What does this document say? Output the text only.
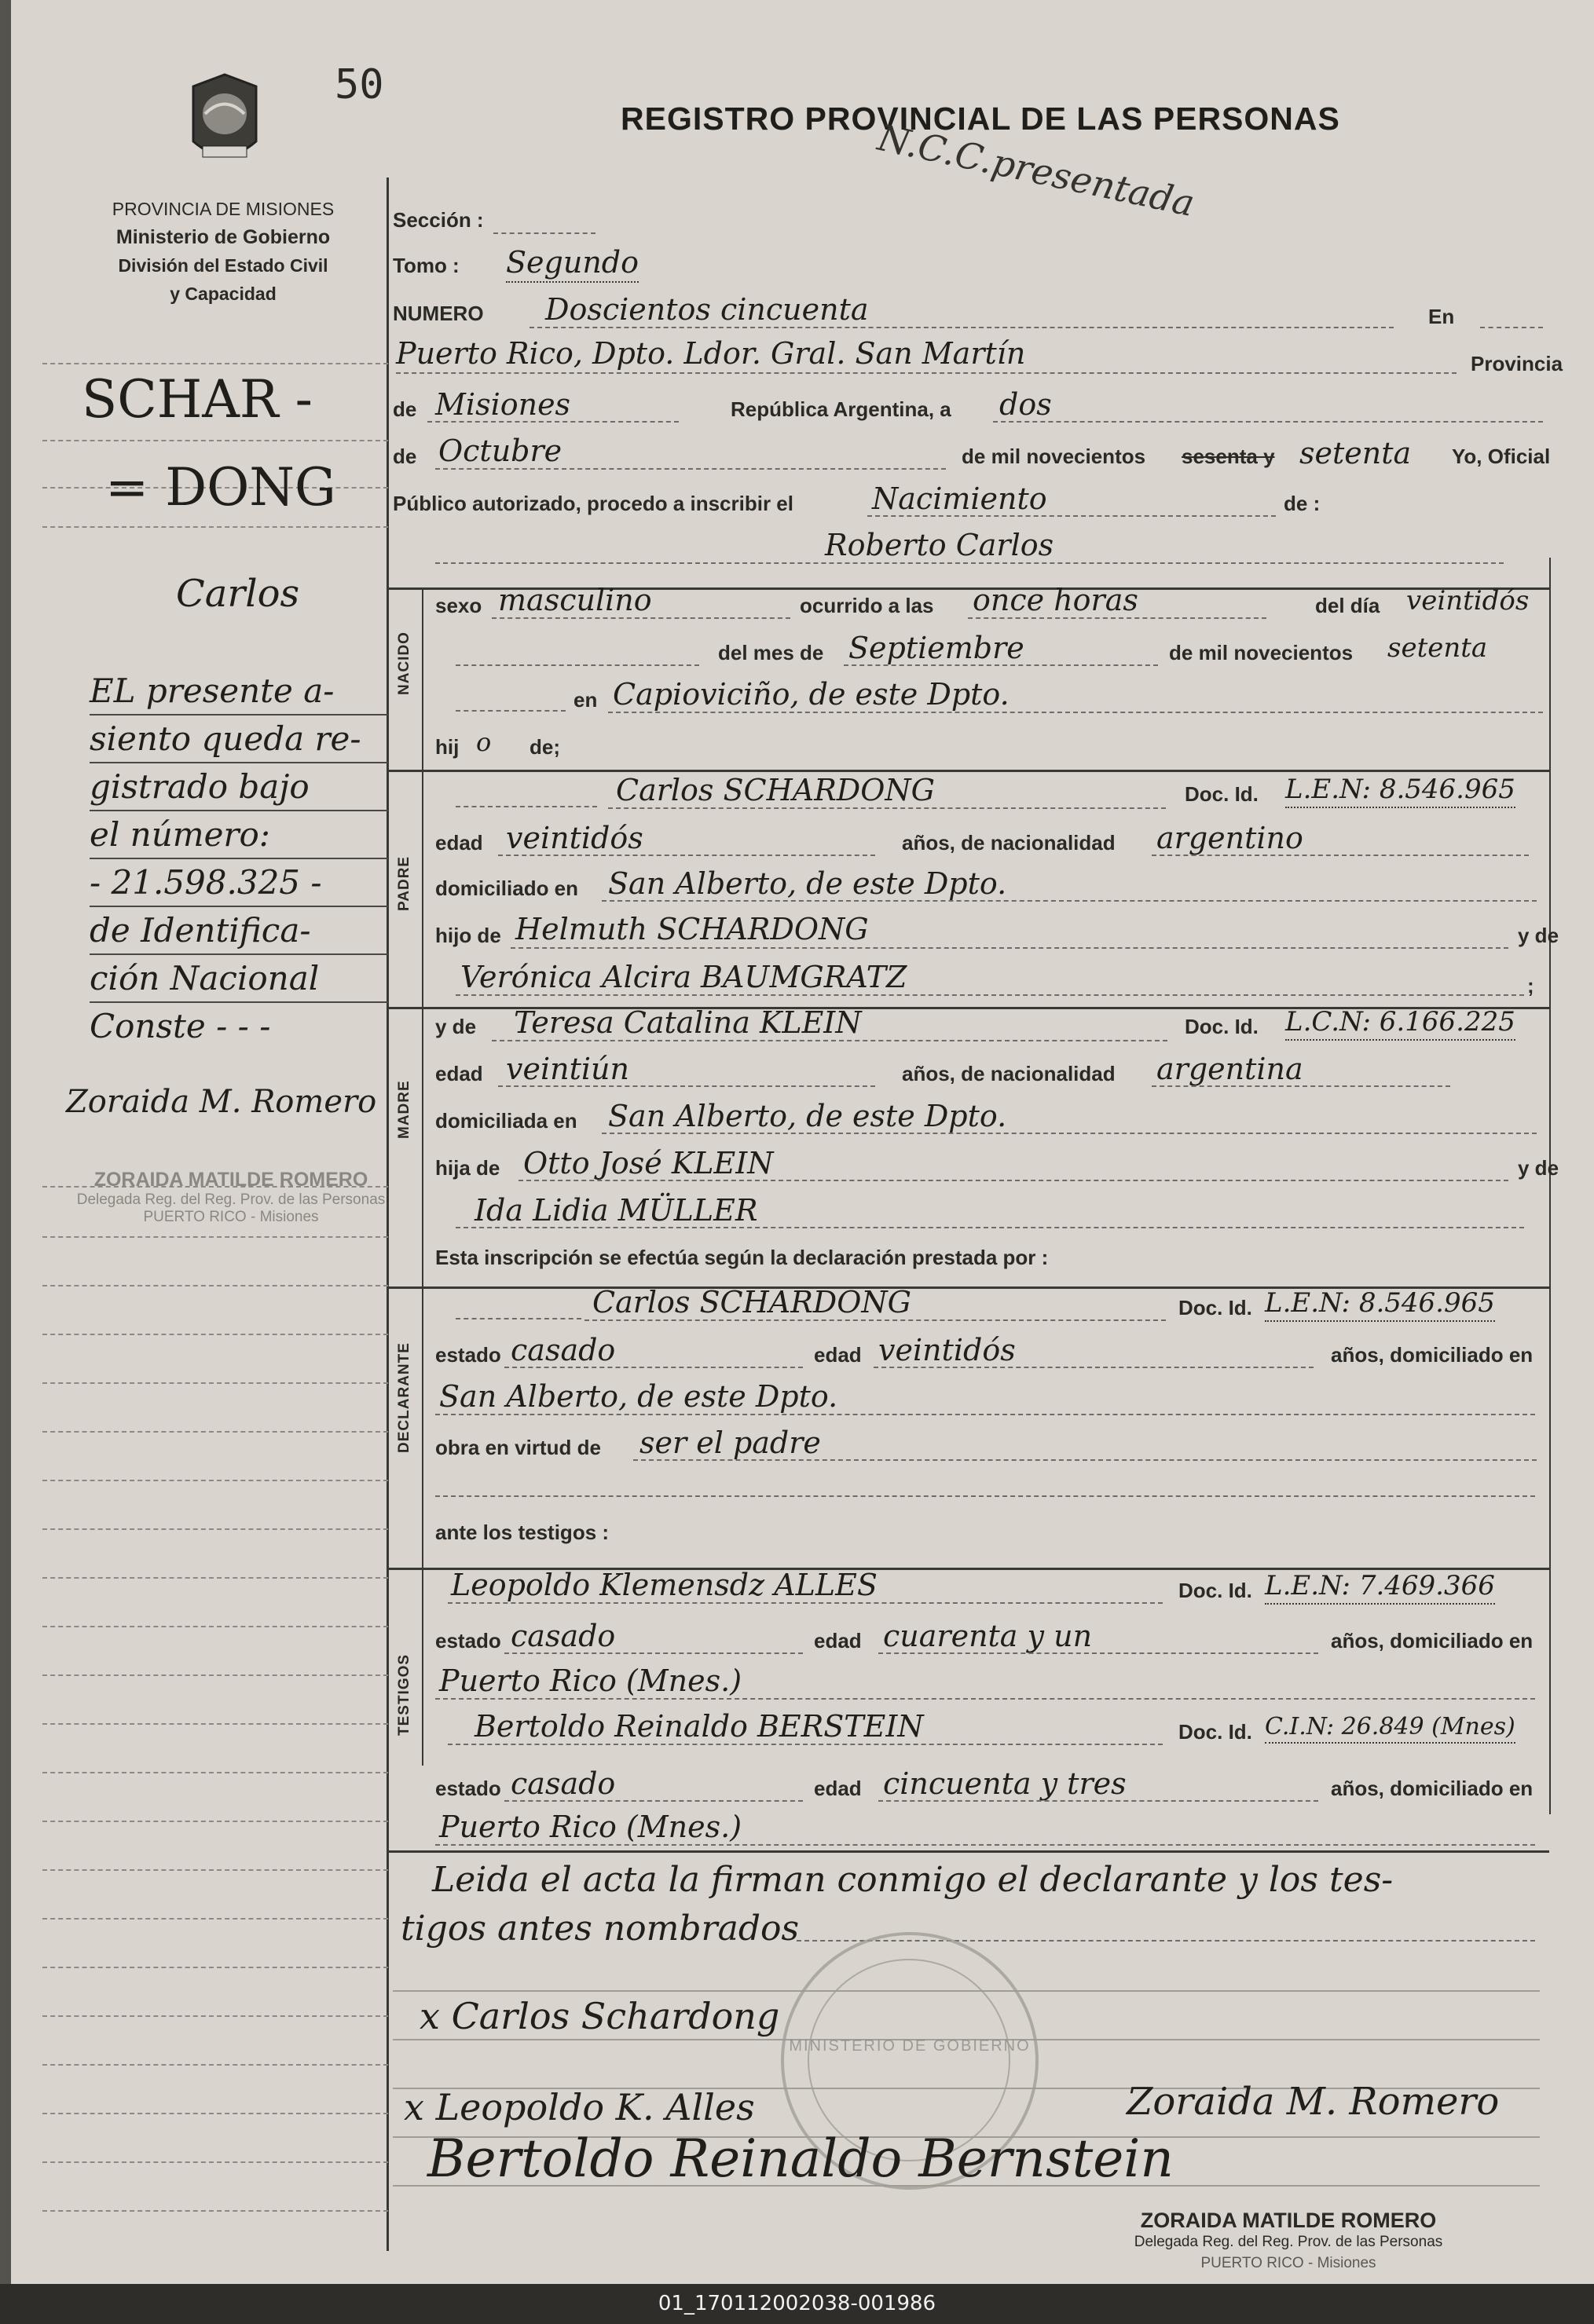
50
REGISTRO PROVINCIAL DE LAS PERSONAS
N.C.C.presentada
PROVINCIA DE MISIONES
Ministerio de Gobierno
División del Estado Civil
y Capacidad
SCHAR -
= DONG
Carlos
EL presente a-
siento queda re-
gistrado bajo
el número:
- 21.598.325 -
de Identifica-
ción Nacional
Conste - - -
Zoraida M. Romero
ZORAIDA MATILDE ROMERO
Delegada Reg. del Reg. Prov. de las Personas
PUERTO RICO - Misiones
Sección :
Tomo : Segundo
NUMERO Doscientos cincuenta	En
Puerto Rico, Dpto. Ldor. Gral. San Martín	Provincia
de Misiones	República Argentina, a dos
de Octubre	de mil novecientos sesenta y setenta Yo, Oficial
Público autorizado, procedo a inscribir el	Nacimiento	de :
NACIDO
Roberto Carlos
sexo masculino	ocurrido a las once horas	del día veintidós
del mes de Septiembre	de mil novecientos setenta
en Capioviciño, de este Dpto.
hij o de;
PADRE
Carlos SCHARDONG	Doc. Id. L.E.N: 8.546.965
edad veintidós	años, de nacionalidad argentino
domiciliado en San Alberto, de este Dpto.
hijo de Helmuth SCHARDONG	y de
Verónica Alcira BAUMGRATZ	;
MADRE
y de Teresa Catalina KLEIN	Doc. Id. L.C.N: 6.166.225
edad veintiún	años, de nacionalidad argentina
domiciliada en San Alberto, de este Dpto.
hija de Otto José KLEIN	y de
Ida Lidia MÜLLER
Esta inscripción se efectúa según la declaración prestada por :
DECLARANTE
Carlos SCHARDONG	Doc. Id. L.E.N: 8.546.965
estado casado	edad veintidós	años, domiciliado en
San Alberto, de este Dpto.
obra en virtud de ser el padre
ante los testigos :
TESTIGOS
Leopoldo Klemensdz ALLES	Doc. Id. L.E.N: 7.469.366
estado casado	edad cuarenta y un	años, domiciliado en
Puerto Rico (Mnes.)
Bertoldo Reinaldo BERSTEIN	Doc. Id. C.I.N: 26.849 (Mnes)
estado casado	edad cincuenta y tres	años, domiciliado en
Puerto Rico (Mnes.)
Leida el acta la firman conmigo el declarante y los tes-
tigos antes nombrados
MINISTERIO DE GOBIERNO
x Carlos Schardong
x Leopoldo K. Alles
Bertoldo Reinaldo Bernstein
Zoraida M. Romero
ZORAIDA MATILDE ROMERO
Delegada Reg. del Reg. Prov. de las Personas
PUERTO RICO - Misiones
01_170112002038-001986
